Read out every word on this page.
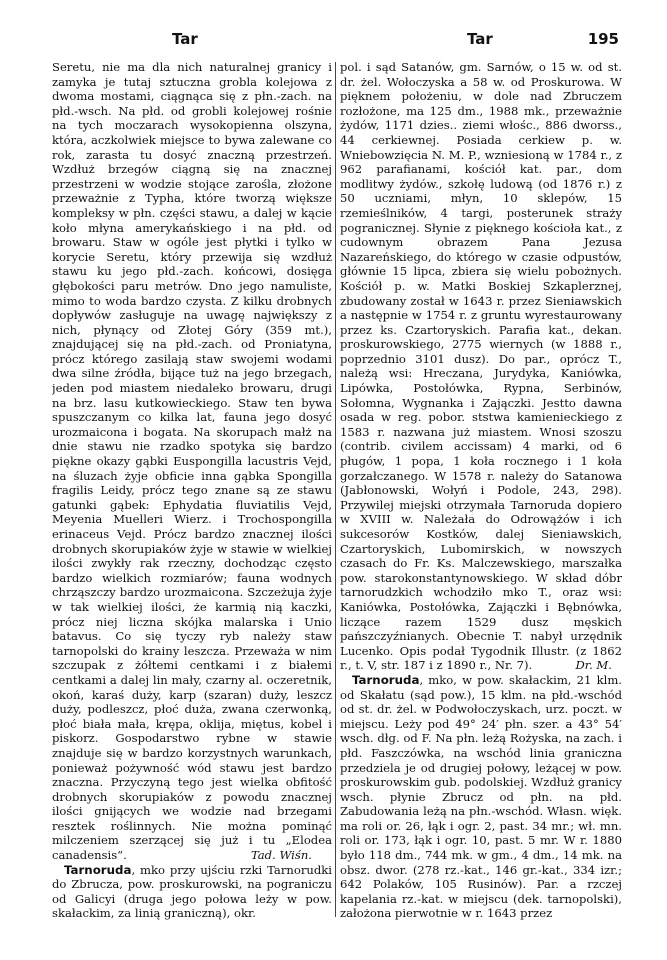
Tar	Tar	195

Seretu, nie ma dla nich naturalnej granicy i zamyka je tutaj sztuczna grobla kolejowa z dwoma mostami, ciągnąca się z płn.-zach. na płd.-wsch. Na płd. od grobli kolejowej rośnie na tych moczarach wysokopienna olszyna, która, aczkolwiek miejsce to bywa zalewane co rok, zarasta tu dosyć znaczną przestrzeń. Wzdłuż brzegów ciągną się na znacznej przestrzeni w wodzie stojące zarośla, złożone przeważnie z Typha, które tworzą większe kompleksy w płn. części stawu, a dalej w kącie koło młyna amerykańskiego i na płd. od browaru. Staw w ogóle jest płytki i tylko w korycie Seretu, który przewija się wzdłuż stawu ku jego płd.-zach. końcowi, dosięga głębokości paru metrów. Dno jego namuliste, mimo to woda bardzo czysta. Z kilku drobnych dopływów zasługuje na uwagę największy z nich, płynący od Złotej Góry (359 mt.), znajdującej się na płd.-zach. od Proniatyna, prócz którego zasilają staw swojemi wodami dwa silne źródła, bijące tuż na jego brzegach, jeden pod miastem niedaleko browaru, drugi na brz. lasu kutkowieckiego. Staw ten bywa spuszczanym co kilka lat, fauna jego dosyć urozmaicona i bogata. Na skorupach małż na dnie stawu nie rzadko spotyka się bardzo piękne okazy gąbki Euspongilla lacustris Vejd, na śluzach żyje obficie inna gąbka Spongilla fragilis Leidy, prócz tego znane są ze stawu gatunki gąbek: Ephydatia fluviatilis Vejd, Meyenia Muelleri Wierz. i Trochospongilla erinaceus Vejd. Prócz bardzo znacznej ilości drobnych skorupiaków żyje w stawie w wielkiej ilości zwykły rak rzeczny, dochodząc często bardzo wielkich rozmiarów; fauna wodnych chrząszczy bardzo urozmaicona. Szczeżuja żyje w tak wielkiej ilości, że karmią nią kaczki, prócz niej liczna skójka malarska i Unio batavus. Co się tyczy ryb należy staw tarnopolski do krainy leszcza. Przeważa w nim szczupak z żółtemi centkami i z białemi centkami a dalej lin mały, czarny al. oczeretnik, okoń, karaś duży, karp (szaran) duży, leszcz duży, podleszcz, płoć duża, zwana czerwonką, płoć biała mała, krępa, oklija, miętus, kobel i piskorz. Gospodarstwo rybne w stawie znajduje się w bardzo korzystnych warunkach, ponieważ pożywność wód stawu jest bardzo znaczna. Przyczyną tego jest wielka obfitość drobnych skorupiaków z powodu znacznej ilości gnijących we wodzie nad brzegami resztek roślinnych. Nie można pominąć milczeniem szerzącej się już i tu „Elodea canadensis“.	Tad. Wiśn.

Tarnoruda, mko przy ujściu rzki Tarnorudki do Zbrucza, pow. proskurowski, na pograniczu od Galicyi (druga jego połowa leży w pow. skałackim, za linią graniczną), okr.

pol. i sąd Satanów, gm. Sarnów, o 15 w. od st. dr. żel. Wołoczyska a 58 w. od Proskurowa. W pięknem położeniu, w dole nad Zbruczem rozłożone, ma 125 dm., 1988 mk., przeważnie żydów, 1171 dzies.. ziemi włośc., 886 dworss., 44 cerkiewnej. Posiada cerkiew p. w. Wniebowzięcia N. M. P., wzniesioną w 1784 r., z 962 parafianami, kościół kat. par., dom modlitwy żydów., szkołę ludową (od 1876 r.) z 50 uczniami, młyn, 10 sklepów, 15 rzemieślników, 4 targi, posterunek straży pogranicznej. Słynie z pięknego kościoła kat., z cudownym obrazem Pana Jezusa Nazareńskiego, do którego w czasie odpustów, głównie 15 lipca, zbiera się wielu pobożnych. Kościół p. w. Matki Boskiej Szkaplerznej, zbudowany został w 1643 r. przez Sieniawskich a następnie w 1754 r. z gruntu wyrestaurowany przez ks. Czartoryskich. Parafia kat., dekan. proskurowskiego, 2775 wiernych (w 1888 r., poprzednio 3101 dusz). Do par., oprócz T., należą wsi: Hreczana, Jurydyka, Kaniówka, Lipówka, Postołówka, Rypna, Serbinów, Sołomna, Wygnanka i Zajączki. Jestto dawna osada w reg. pobor. ststwa kamienieckiego z 1583 r. nazwana już miastem. Wnosi szoszu (contrib. civilem accissam) 4 marki, od 6 pługów, 1 popa, 1 koła rocznego i 1 koła gorzałczanego. W 1578 r. należy do Satanowa (Jabłonowski, Wołyń i Podole, 243, 298). Przywilej miejski otrzymała Tarnoruda dopiero w XVIII w. Należała do Odrowążów i ich sukcesorów Kostków, dalej Sieniawskich, Czartoryskich, Lubomirskich, w nowszych czasach do Fr. Ks. Malczewskiego, marszałka pow. starokonstantynowskiego. W skład dóbr tarnorudzkich wchodziło mko T., oraz wsi: Kaniówka, Postołówka, Zajączki i Bębnówka, liczące razem 1529 dusz męskich pańszczyźnianych. Obecnie T. nabył urzędnik Lucenko. Opis podał Tygodnik Illustr. (z 1862 r., t. V, str. 187 i z 1890 r., Nr. 7).	Dr. M.

Tarnoruda, mko, w pow. skałackim, 21 klm. od Skałatu (sąd pow.), 15 klm. na płd.-wschód od st. dr. żel. w Podwołoczyskach, urz. poczt. w miejscu. Leży pod 49° 24′ płn. szer. a 43° 54′ wsch. dłg. od F. Na płn. leżą Rożyska, na zach. i płd. Faszczówka, na wschód linia graniczna przedziela je od drugiej połowy, leżącej w pow. proskurowskim gub. podolskiej. Wzdłuż granicy wsch. płynie Zbrucz od płn. na płd. Zabudowania leżą na płn.-wschód. Własn. więk. ma roli or. 26, łąk i ogr. 2, past. 34 mr.; wł. mn. roli or. 173, łąk i ogr. 10, past. 5 mr. W r. 1880 było 118 dm., 744 mk. w gm., 4 dm., 14 mk. na obsz. dwor. (278 rz.-kat., 146 gr.-kat., 334 izr.; 642 Polaków, 105 Rusinów). Par. a rzczej kapelania rz.-kat. w miejscu (dek. tarnopolski), założona pierwotnie w r. 1643 przez
